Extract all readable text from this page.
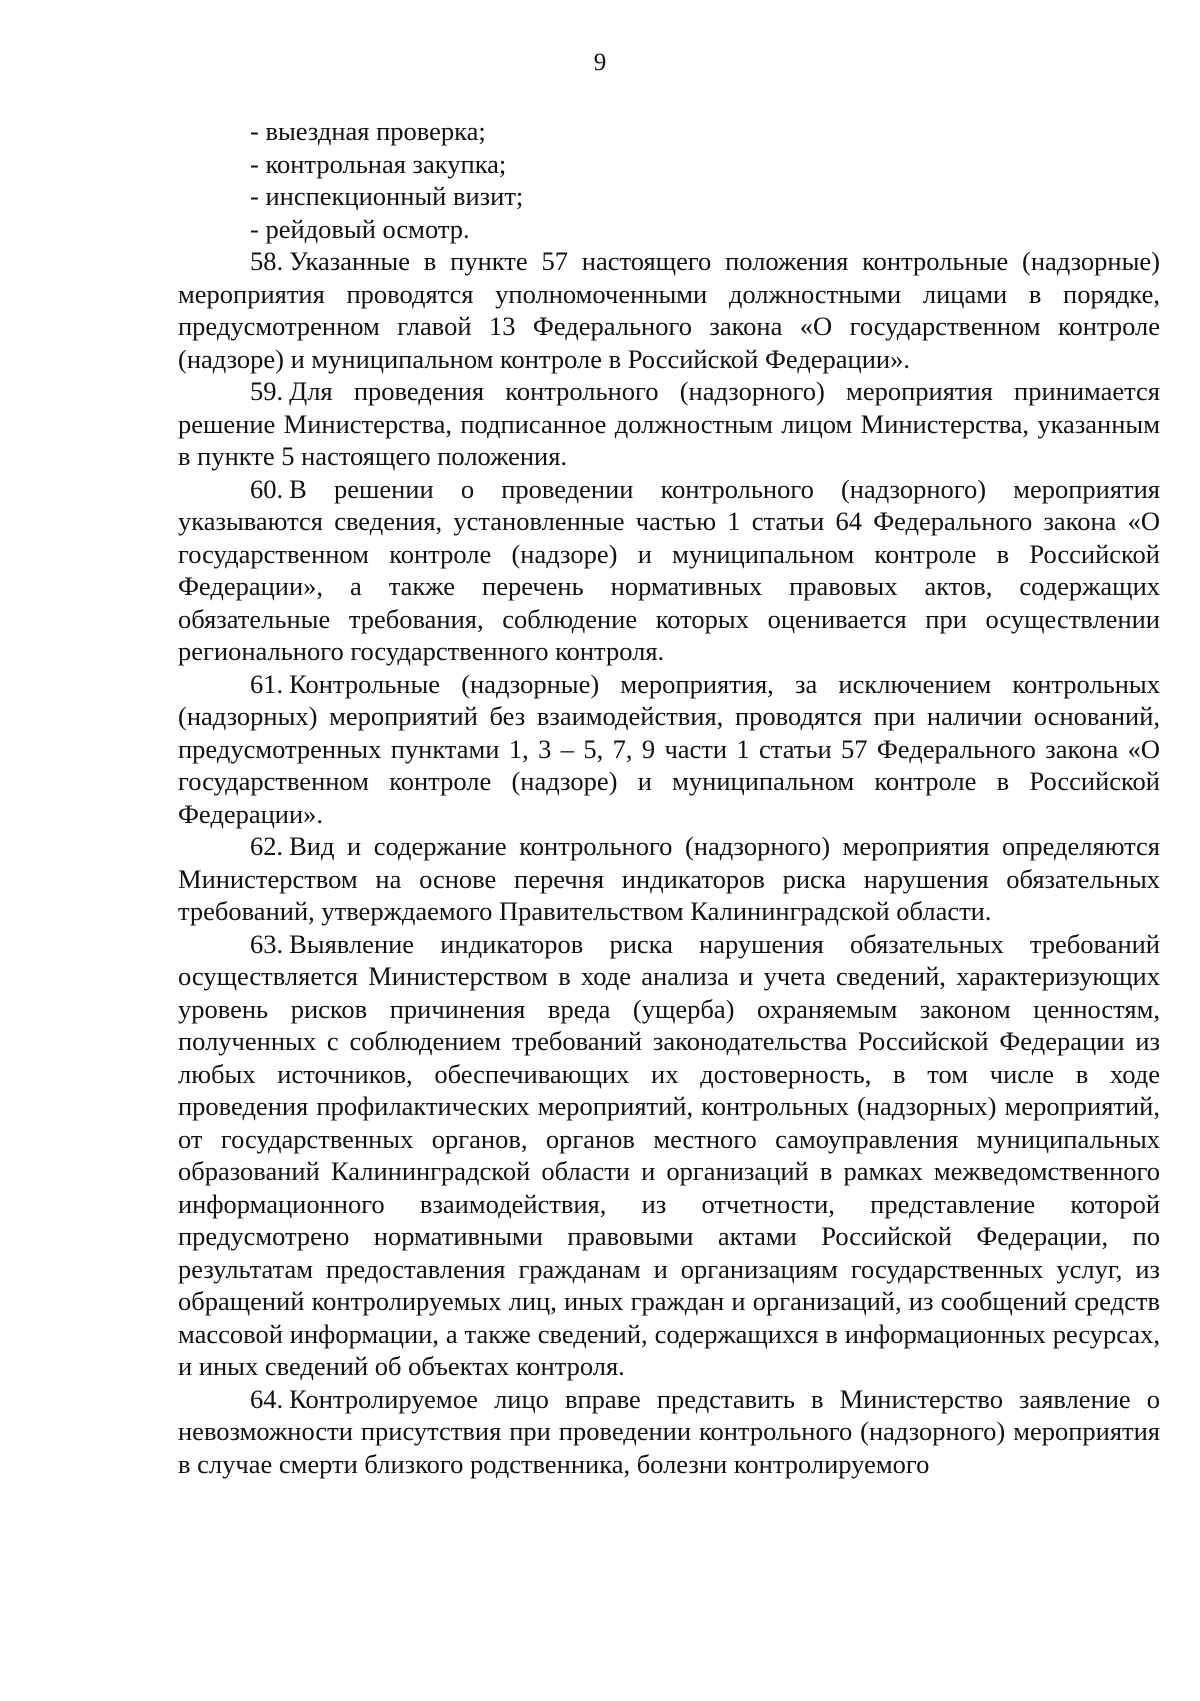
9

- выездная проверка;

- контрольная закупка;

- инспекционный визит;

- рейдовый осмотр.

58. Указанные в пункте 57 настоящего положения контрольные (надзорные) мероприятия проводятся уполномоченными должностными лицами в порядке, предусмотренном главой 13 Федерального закона «О государственном контроле (надзоре) и муниципальном контроле в Российской Федерации».

59. Для проведения контрольного (надзорного) мероприятия принимается решение Министерства, подписанное должностным лицом Министерства, указанным в пункте 5 настоящего положения.

60. В решении о проведении контрольного (надзорного) мероприятия указываются сведения, установленные частью 1 статьи 64 Федерального закона «О государственном контроле (надзоре) и муниципальном контроле в Российской Федерации», а также перечень нормативных правовых актов, содержащих обязательные требования, соблюдение которых оценивается при осуществлении регионального государственного контроля.

61. Контрольные (надзорные) мероприятия, за исключением контрольных (надзорных) мероприятий без взаимодействия, проводятся при наличии оснований, предусмотренных пунктами 1, 3 – 5, 7, 9 части 1 статьи 57 Федерального закона «О государственном контроле (надзоре) и муниципальном контроле в Российской Федерации».

62. Вид и содержание контрольного (надзорного) мероприятия определяются Министерством на основе перечня индикаторов риска нарушения обязательных требований, утверждаемого Правительством Калининградской области.

63. Выявление индикаторов риска нарушения обязательных требований осуществляется Министерством в ходе анализа и учета сведений, характеризующих уровень рисков причинения вреда (ущерба) охраняемым законом ценностям, полученных с соблюдением требований законодательства Российской Федерации из любых источников, обеспечивающих их достоверность, в том числе в ходе проведения профилактических мероприятий, контрольных (надзорных) мероприятий, от государственных органов, органов местного самоуправления муниципальных образований Калининградской области и организаций в рамках межведомственного информационного взаимодействия, из отчетности, представление которой предусмотрено нормативными правовыми актами Российской Федерации, по результатам предоставления гражданам и организациям государственных услуг, из обращений контролируемых лиц, иных граждан и организаций, из сообщений средств массовой информации, а также сведений, содержащихся в информационных ресурсах, и иных сведений об объектах контроля.

64. Контролируемое лицо вправе представить в Министерство заявление о невозможности присутствия при проведении контрольного (надзорного) мероприятия в случае смерти близкого родственника, болезни контролируемого
